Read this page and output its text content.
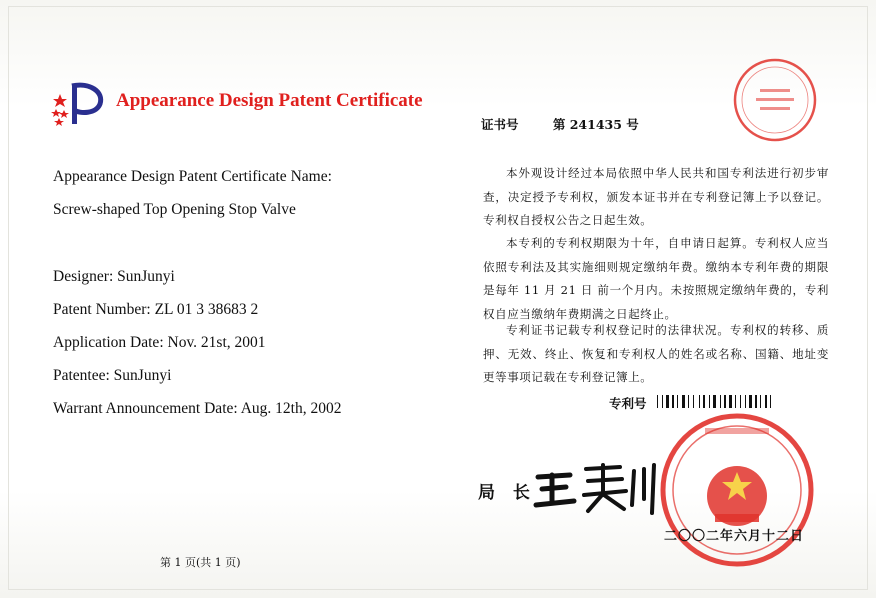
Appearance Design Patent Certificate
Appearance Design Patent Certificate Name:
Screw-shaped Top Opening Stop Valve
Designer: SunJunyi
Patent Number: ZL 01 3 38683 2
Application Date: Nov. 21st, 2001
Patentee: SunJunyi
Warrant Announcement Date: Aug. 12th, 2002
第 1 页(共 1 页)
证书号	第 241435 号
本外观设计经过本局依照中华人民共和国专利法进行初步审查，决定授予专利权，颁发本证书并在专利登记簿上予以登记。专利权自授权公告之日起生效。
本专利的专利权期限为十年，自申请日起算。专利权人应当依照专利法及其实施细则规定缴纳年费。缴纳本专利年费的期限是每年 11 月 21 日 前一个月内。未按照规定缴纳年费的，专利权自应当缴纳年费期满之日起终止。
专利证书记载专利权登记时的法律状况。专利权的转移、质押、无效、终止、恢复和专利权人的姓名或名称、国籍、地址变更等事项记载在专利登记簿上。
专利号
局 长
二〇〇二年六月十二日
